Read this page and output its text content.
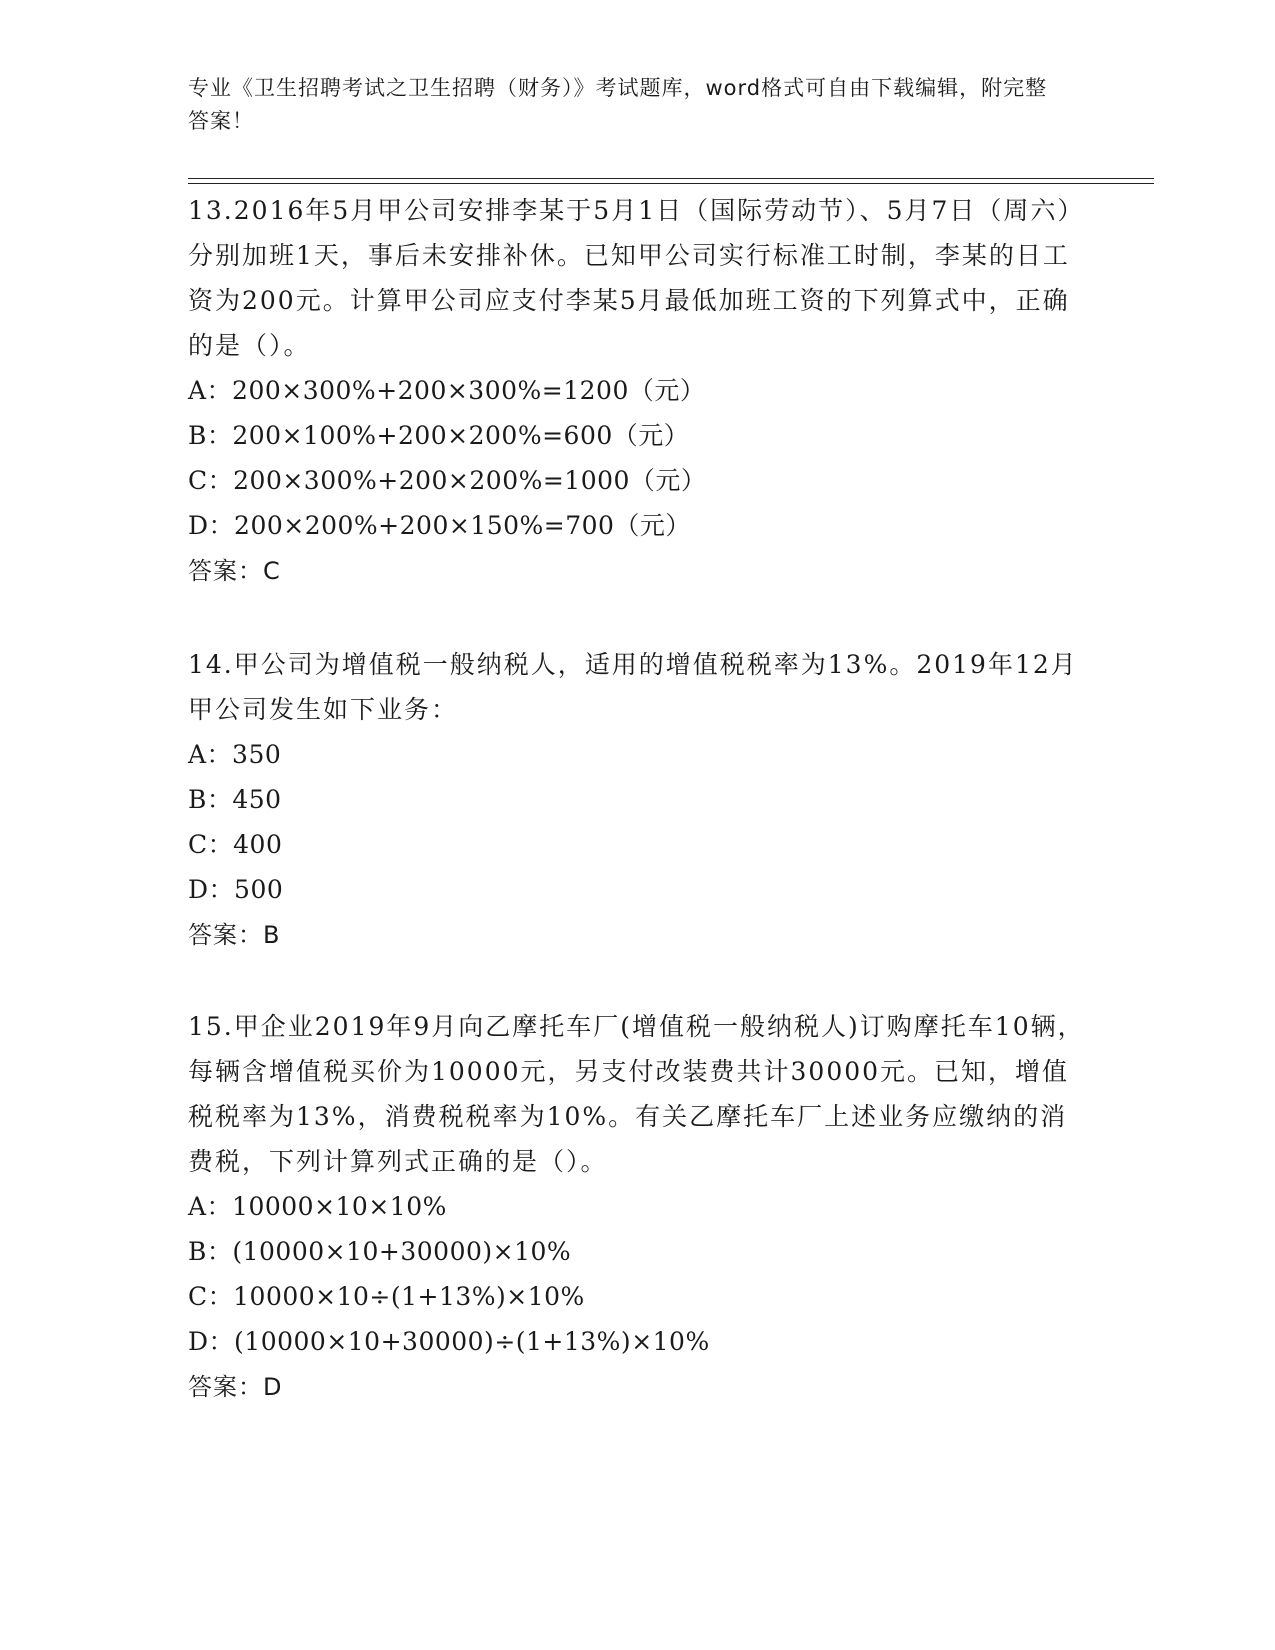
专业《卫生招聘考试之卫生招聘（财务）》考试题库，word格式可自由下载编辑，附完整答案！
13.2016年5月甲公司安排李某于5月1日（国际劳动节）、5月7日（周六）分别加班1天，事后未安排补休。已知甲公司实行标准工时制，李某的日工资为200元。计算甲公司应支付李某5月最低加班工资的下列算式中，正确的是（）。
A：200×300%+200×300%=1200（元）
B：200×100%+200×200%=600（元）
C：200×300%+200×200%=1000（元）
D：200×200%+200×150%=700（元）
答案：C
14.甲公司为增值税一般纳税人，适用的增值税税率为13%。2019年12月甲公司发生如下业务：
A：350
B：450
C：400
D：500
答案：B
15.甲企业2019年9月向乙摩托车厂(增值税一般纳税人)订购摩托车10辆，每辆含增值税买价为10000元，另支付改装费共计30000元。已知，增值税税率为13%，消费税税率为10%。有关乙摩托车厂上述业务应缴纳的消费税，下列计算列式正确的是（）。
A：10000×10×10%
B：(10000×10+30000)×10%
C：10000×10÷(1+13%)×10%
D：(10000×10+30000)÷(1+13%)×10%
答案：D
